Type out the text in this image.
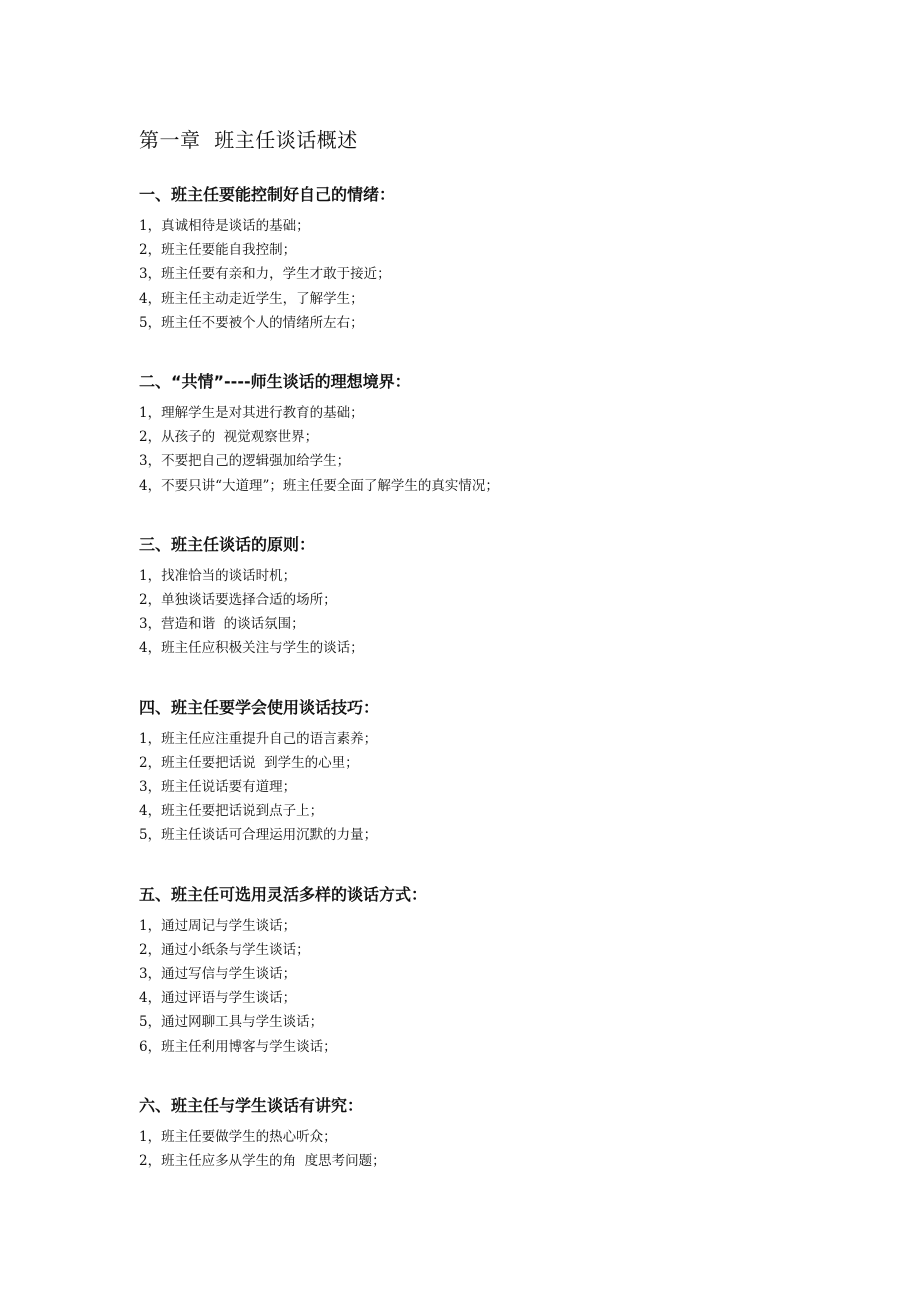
第一章  班主任谈话概述
一、班主任要能控制好自己的情绪：
1，真诚相待是谈话的基础；
2，班主任要能自我控制；
3，班主任要有亲和力，学生才敢于接近；
4，班主任主动走近学生，了解学生；
5，班主任不要被个人的情绪所左右；
二、“共情”----师生谈话的理想境界：
1，理解学生是对其进行教育的基础；
2，从孩子的  视觉观察世界；
3，不要把自己的逻辑强加给学生；
4，不要只讲“大道理”；班主任要全面了解学生的真实情况；
三、班主任谈话的原则：
1，找准恰当的谈话时机；
2，单独谈话要选择合适的场所；
3，营造和谐  的谈话氛围；
4，班主任应积极关注与学生的谈话；
四、班主任要学会使用谈话技巧：
1，班主任应注重提升自己的语言素养；
2，班主任要把话说  到学生的心里；
3，班主任说话要有道理；
4，班主任要把话说到点子上；
5，班主任谈话可合理运用沉默的力量；
五、班主任可选用灵活多样的谈话方式：
1，通过周记与学生谈话；
2，通过小纸条与学生谈话；
3，通过写信与学生谈话；
4，通过评语与学生谈话；
5，通过网聊工具与学生谈话；
6，班主任利用博客与学生谈话；
六、班主任与学生谈话有讲究：
1，班主任要做学生的热心听众；
2，班主任应多从学生的角  度思考问题；
